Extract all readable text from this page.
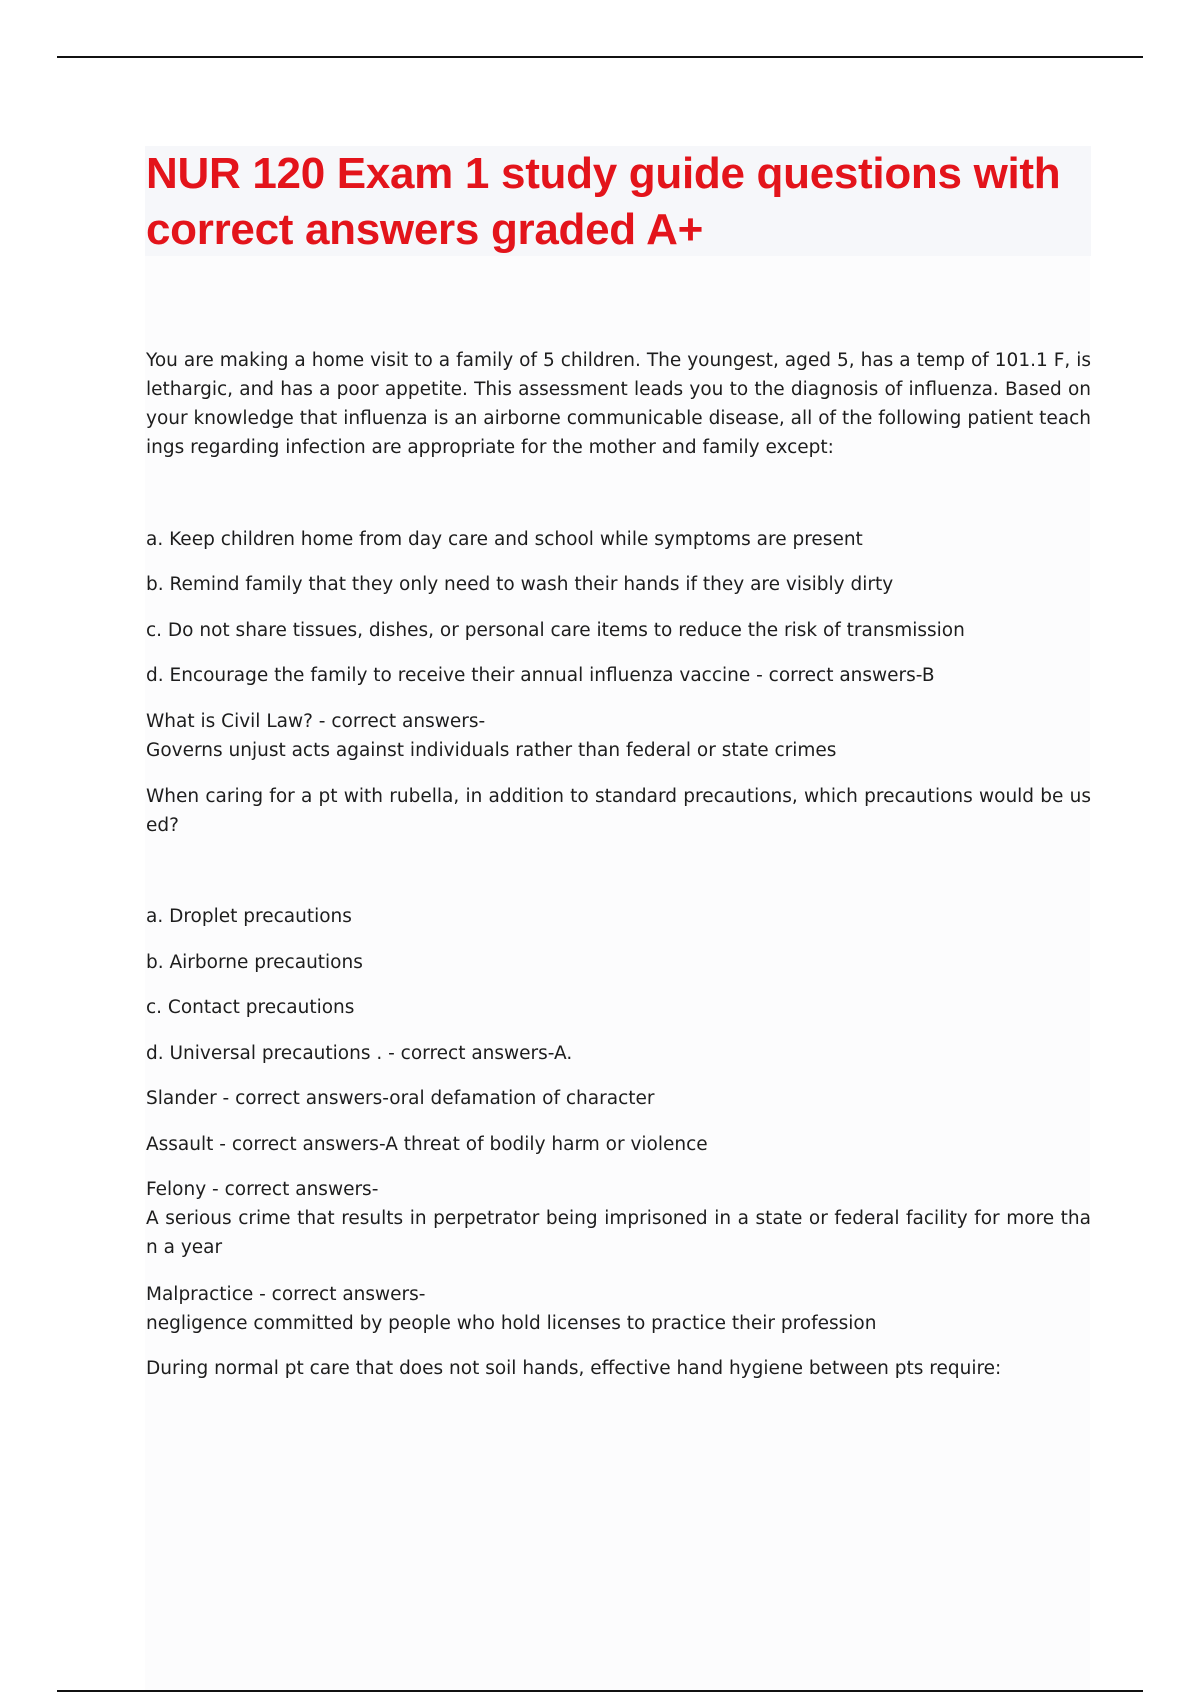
NUR 120 Exam 1 study guide questions with correct answers graded A+

You are making a home visit to a family of 5 children. The youngest, aged 5, has a temp of 101.1 F, is lethargic, and has a poor appetite. This assessment leads you to the diagnosis of influenza. Based on your knowledge that influenza is an airborne communicable disease, all of the following patient teachings regarding infection are appropriate for the mother and family except:

a. Keep children home from day care and school while symptoms are present

b. Remind family that they only need to wash their hands if they are visibly dirty

c. Do not share tissues, dishes, or personal care items to reduce the risk of transmission

d. Encourage the family to receive their annual influenza vaccine - correct answers-B

What is Civil Law? - correct answers-

Governs unjust acts against individuals rather than federal or state crimes

When caring for a pt with rubella, in addition to standard precautions, which precautions would be used?

a. Droplet precautions

b. Airborne precautions

c. Contact precautions

d. Universal precautions . - correct answers-A.

Slander - correct answers-oral defamation of character

Assault - correct answers-A threat of bodily harm or violence

Felony - correct answers-

A serious crime that results in perpetrator being imprisoned in a state or federal facility for more than a year

Malpractice - correct answers-

negligence committed by people who hold licenses to practice their profession

During normal pt care that does not soil hands, effective hand hygiene between pts require:
